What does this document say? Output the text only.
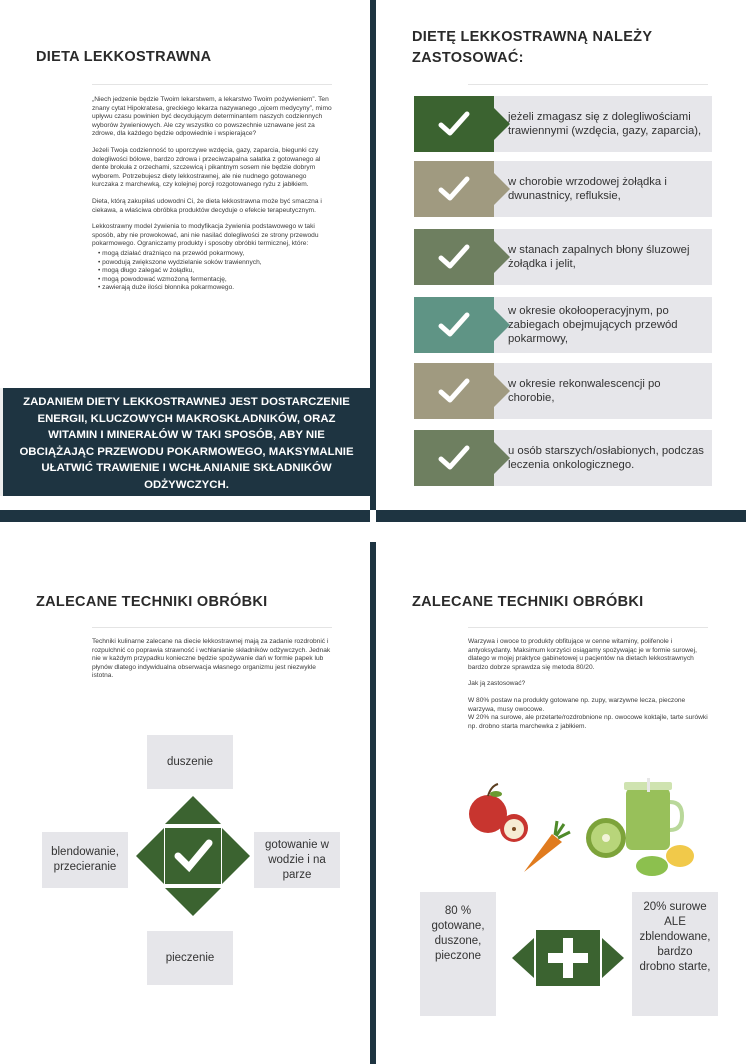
DIETA LEKKOSTRAWNA

„Niech jedzenie będzie Twoim lekarstwem, a lekarstwo Twoim pożywieniem”. Ten znany cytat Hipokratesa, greckiego lekarza nazywanego „ojcem medycyny”, mimo upływu czasu powinien być decydującym determinantem naszych codziennych wyborów żywieniowych. Ale czy wszystko co powszechnie uznawane jest za zdrowe, dla każdego będzie odpowiednie i wspierające?

Jeżeli Twoja codzienność to uporczywe wzdęcia, gazy, zaparcia, biegunki czy dolegliwości bólowe, bardzo zdrowa i przeciwzapalna sałatka z gotowanego al dente brokuła z orzechami, szczewicą i pikantnym sosem nie będzie dobrym wyborem. Potrzebujesz diety lekkostrawnej, ale nie nudnego gotowanego kurczaka z marchewką, czy kolejnej porcji rozgotowanego ryżu z jabłkiem.

Dieta, którą zakupiłaś udowodni Ci, że dieta lekkostrawna może być smaczna i ciekawa, a właściwa obróbka produktów decyduje o efekcie terapeutycznym.

Lekkostrawny model żywienia to modyfikacja żywienia podstawowego w taki sposób, aby nie prowokować, ani nie nasilać dolegliwości ze strony przewodu pokarmowego. Ograniczamy produkty i sposoby obróbki termicznej, które:

• mogą działać drażniąco na przewód pokarmowy,
• powodują zwiększone wydzielanie soków trawiennych,
• mogą długo zalegać w żołądku,
• mogą powodować wzmożoną fermentację,
• zawierają duże ilości błonnika pokarmowego.
ZADANIEM DIETY LEKKOSTRAWNEJ JEST DOSTARCZENIE ENERGII, KLUCZOWYCH MAKROSKŁADNIKÓW, ORAZ WITAMIN I MINERAŁÓW W TAKI SPOSÓB, ABY NIE OBCIĄŻAJĄC PRZEWODU POKARMOWEGO, MAKSYMALNIE UŁATWIĆ TRAWIENIE I WCHŁANIANIE SKŁADNIKÓW ODŻYWCZYCH.
DIETĘ LEKKOSTRAWNĄ NALEŻY
ZASTOSOWAĆ:
jeżeli zmagasz się z dolegliwościami trawiennymi (wzdęcia, gazy, zaparcia),
w chorobie wrzodowej żołądka i dwunastnicy, refluksie,
w stanach zapalnych błony śluzowej żołądka i jelit,
w okresie okołooperacyjnym, po zabiegach obejmujących przewód pokarmowy,
w okresie rekonwalescencji po chorobie,
u osób starszych/osłabionych, podczas leczenia onkologicznego.
ZALECANE TECHNIKI OBRÓBKI
Techniki kulinarne zalecane na diecie lekkostrawnej mają za zadanie rozdrobnić i rozpulchnić co poprawia strawność i wchłanianie składników odżywczych. Jednak nie w każdym przypadku konieczne będzie spożywanie dań w formie papek lub płynów dlatego indywidualna obserwacja własnego organizmu jest niezwykle istotna.
duszenie
blendowanie, przecieranie
gotowanie w wodzie i na parze
pieczenie
ZALECANE TECHNIKI OBRÓBKI

Warzywa i owoce to produkty obfitujące w cenne witaminy, polifenole i antyoksydanty. Maksimum korzyści osiągamy spożywając je w formie surowej, dlatego w mojej praktyce gabinetowej u pacjentów na dietach lekkostrawnych bardzo dobrze sprawdza się metoda 80/20.

Jak ją zastosować?

W 80% postaw na produkty gotowane np. zupy, warzywne lecza, pieczone warzywa, musy owocowe.
W 20% na surowe, ale przetarte/rozdrobnione np. owocowe koktajle, tarte surówki np. drobno starta marchewka z jabłkiem.
80 % gotowane, duszone, pieczone
20% surowe ALE zblendowane, bardzo drobno starte,
